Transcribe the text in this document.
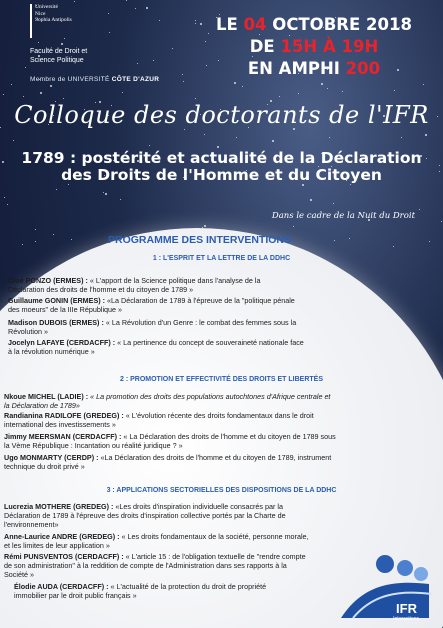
Université
Nice
Sophia Antipolis
Faculté de Droit et
Science Politique
Membre de UNIVERSITÉ CÔTE D'AZUR
LE 04 OCTOBRE 2018
DE 15H À 19H
EN AMPHI 200
Colloque des doctorants de l'IFR
1789 : postérité et actualité de la Déclaration
des Droits de l'Homme et du Citoyen
Dans le cadre de la Nuit du Droit
PROGRAMME DES INTERVENTIONS
1 : L'ESPRIT ET LA LETTRE DE LA DDHC
Cloé PONZO (ERMES) : « L'apport de la Science politique dans l'analyse de la
Déclaration des droits de l'homme et du citoyen de 1789 »
Guillaume GONIN (ERMES) : «La Déclaration de 1789 à l'épreuve de la "politique pénale
des moeurs" de la IIIe République »
Madison DUBOIS (ERMES) : « La Révolution d'un Genre : le combat des femmes sous la
Révolution »
Jocelyn LAFAYE (CERDACFF) : « La pertinence du concept de souveraineté nationale face
à la révolution numérique »
2 : PROMOTION ET EFFECTIVITÉ DES DROITS ET LIBERTÉS
Nkoue MICHEL (LADIE) : « La promotion des droits des populations autochtones d'Afrique centrale et
la Déclaration de 1789»
Randianina RADILOFE (GREDEG) : « L'évolution récente des droits fondamentaux dans le droit
international des investissements »
Jimmy MEERSMAN (CERDACFF) : « La Déclaration des droits de l'homme et du citoyen de 1789 sous
la Vème République : Incantation ou réalité juridique ? »
Ugo MONMARTY (CERDP) : «La Déclaration des droits de l'homme et du citoyen de 1789, instrument
technique du droit privé »
3 : APPLICATIONS SECTORIELLES DES DISPOSITIONS DE LA DDHC
Lucrezia MOTHERE (GREDEG) : «Les droits d'inspiration individuelle consacrés par la
Déclaration de 1789 à l'épreuve des droits d'inspiration collective portés par la Charte de
l'environnement»
Anne-Laurice ANDRE (GREDEG) : « Les droits fondamentaux de la société, personne morale,
et les limites de leur application »
Rémi PUNSVENTOS (CERDACFF) : « L'article 15 : de l'obligation textuelle de "rendre compte
de son administration" à la reddition de compte de l'Administration dans ses rapports à la
Société »
Élodie AUDA (CERDACFF) : « L'actualité de la protection du droit de propriété
immobilier par le droit public français »
IFR
Interactions
